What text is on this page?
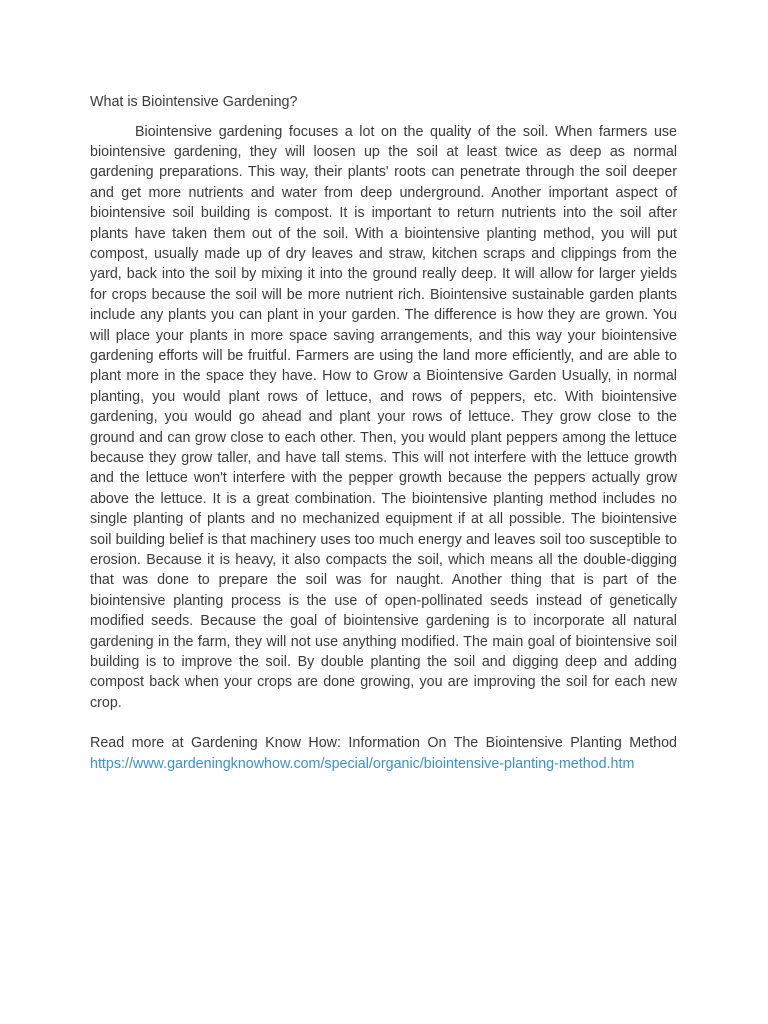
What is Biointensive Gardening?

Biointensive gardening focuses a lot on the quality of the soil. When farmers use biointensive gardening, they will loosen up the soil at least twice as deep as normal gardening preparations. This way, their plants' roots can penetrate through the soil deeper and get more nutrients and water from deep underground. Another important aspect of biointensive soil building is compost. It is important to return nutrients into the soil after plants have taken them out of the soil. With a biointensive planting method, you will put compost, usually made up of dry leaves and straw, kitchen scraps and clippings from the yard, back into the soil by mixing it into the ground really deep. It will allow for larger yields for crops because the soil will be more nutrient rich. Biointensive sustainable garden plants include any plants you can plant in your garden. The difference is how they are grown. You will place your plants in more space saving arrangements, and this way your biointensive gardening efforts will be fruitful. Farmers are using the land more efficiently, and are able to plant more in the space they have. How to Grow a Biointensive Garden Usually, in normal planting, you would plant rows of lettuce, and rows of peppers, etc. With biointensive gardening, you would go ahead and plant your rows of lettuce. They grow close to the ground and can grow close to each other. Then, you would plant peppers among the lettuce because they grow taller, and have tall stems. This will not interfere with the lettuce growth and the lettuce won't interfere with the pepper growth because the peppers actually grow above the lettuce. It is a great combination. The biointensive planting method includes no single planting of plants and no mechanized equipment if at all possible. The biointensive soil building belief is that machinery uses too much energy and leaves soil too susceptible to erosion. Because it is heavy, it also compacts the soil, which means all the double-digging that was done to prepare the soil was for naught. Another thing that is part of the biointensive planting process is the use of open-pollinated seeds instead of genetically modified seeds. Because the goal of biointensive gardening is to incorporate all natural gardening in the farm, they will not use anything modified. The main goal of biointensive soil building is to improve the soil. By double planting the soil and digging deep and adding compost back when your crops are done growing, you are improving the soil for each new crop.

Read more at Gardening Know How: Information On The Biointensive Planting Method https://www.gardeningknowhow.com/special/organic/biointensive-planting-method.htm
